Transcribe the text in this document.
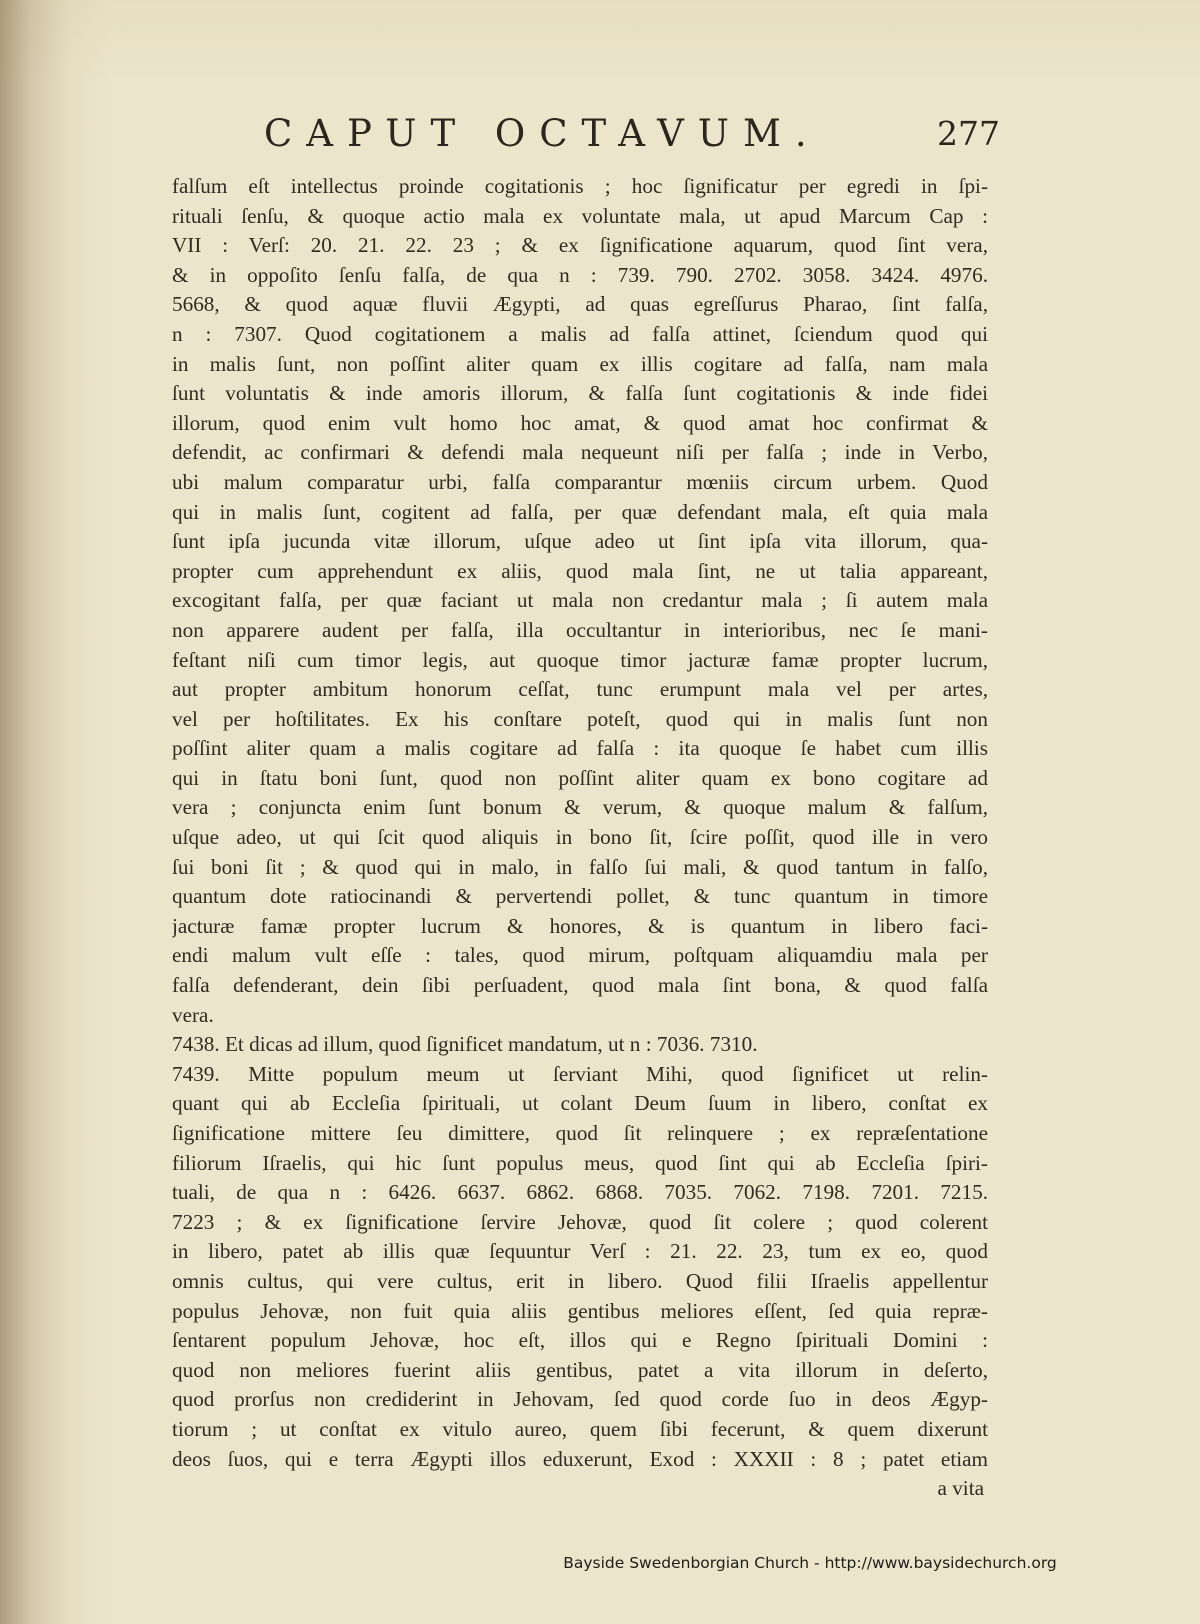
CAPUT OCTAVUM.	277
falſum eſt intellectus proinde cogitationis ; hoc ſignificatur per egredi in ſpi-
rituali ſenſu, & quoque actio mala ex voluntate mala, ut apud Marcum Cap :
VII : Verſ: 20. 21. 22. 23 ; & ex ſignificatione aquarum, quod ſint vera,
& in oppoſito ſenſu falſa, de qua n : 739. 790. 2702. 3058. 3424. 4976.
5668, & quod aquæ fluvii Ægypti, ad quas egreſſurus Pharao, ſint falſa,
n : 7307. Quod cogitationem a malis ad falſa attinet, ſciendum quod qui
in malis ſunt, non poſſint aliter quam ex illis cogitare ad falſa, nam mala
ſunt voluntatis & inde amoris illorum, & falſa ſunt cogitationis & inde fidei
illorum, quod enim vult homo hoc amat, & quod amat hoc confirmat &
defendit, ac confirmari & defendi mala nequeunt niſi per falſa ; inde in Verbo,
ubi malum comparatur urbi, falſa comparantur mœniis circum urbem. Quod
qui in malis ſunt, cogitent ad falſa, per quæ defendant mala, eſt quia mala
ſunt ipſa jucunda vitæ illorum, uſque adeo ut ſint ipſa vita illorum, qua-
propter cum apprehendunt ex aliis, quod mala ſint, ne ut talia appareant,
excogitant falſa, per quæ faciant ut mala non credantur mala ; ſi autem mala
non apparere audent per falſa, illa occultantur in interioribus, nec ſe mani-
feſtant niſi cum timor legis, aut quoque timor jacturæ famæ propter lucrum,
aut propter ambitum honorum ceſſat, tunc erumpunt mala vel per artes,
vel per hoſtilitates. Ex his conſtare poteſt, quod qui in malis ſunt non
poſſint aliter quam a malis cogitare ad falſa : ita quoque ſe habet cum illis
qui in ſtatu boni ſunt, quod non poſſint aliter quam ex bono cogitare ad
vera ; conjuncta enim ſunt bonum & verum, & quoque malum & falſum,
uſque adeo, ut qui ſcit quod aliquis in bono ſit, ſcire poſſit, quod ille in vero
ſui boni ſit ; & quod qui in malo, in falſo ſui mali, & quod tantum in falſo,
quantum dote ratiocinandi & pervertendi pollet, & tunc quantum in timore
jacturæ famæ propter lucrum & honores, & is quantum in libero faci-
endi malum vult eſſe : tales, quod mirum, poſtquam aliquamdiu mala per
falſa defenderant, dein ſibi perſuadent, quod mala ſint bona, & quod falſa
vera.
7438. Et dicas ad illum, quod ſignificet mandatum, ut n : 7036. 7310.
7439. Mitte populum meum ut ſerviant Mihi, quod ſignificet ut relin-
quant qui ab Eccleſia ſpirituali, ut colant Deum ſuum in libero, conſtat ex
ſignificatione mittere ſeu dimittere, quod ſit relinquere ; ex repræſentatione
filiorum Iſraelis, qui hic ſunt populus meus, quod ſint qui ab Eccleſia ſpiri-
tuali, de qua n : 6426. 6637. 6862. 6868. 7035. 7062. 7198. 7201. 7215.
7223 ; & ex ſignificatione ſervire Jehovæ, quod ſit colere ; quod colerent
in libero, patet ab illis quæ ſequuntur Verſ : 21. 22. 23, tum ex eo, quod
omnis cultus, qui vere cultus, erit in libero. Quod filii Iſraelis appellentur
populus Jehovæ, non fuit quia aliis gentibus meliores eſſent, ſed quia repræ-
ſentarent populum Jehovæ, hoc eſt, illos qui e Regno ſpirituali Domini :
quod non meliores fuerint aliis gentibus, patet a vita illorum in deſerto,
quod prorſus non crediderint in Jehovam, ſed quod corde ſuo in deos Ægyp-
tiorum ; ut conſtat ex vitulo aureo, quem ſibi fecerunt, & quem dixerunt
deos ſuos, qui e terra Ægypti illos eduxerunt, Exod : XXXII : 8 ; patet etiam
a vita
Bayside Swedenborgian Church - http://www.baysidechurch.org
